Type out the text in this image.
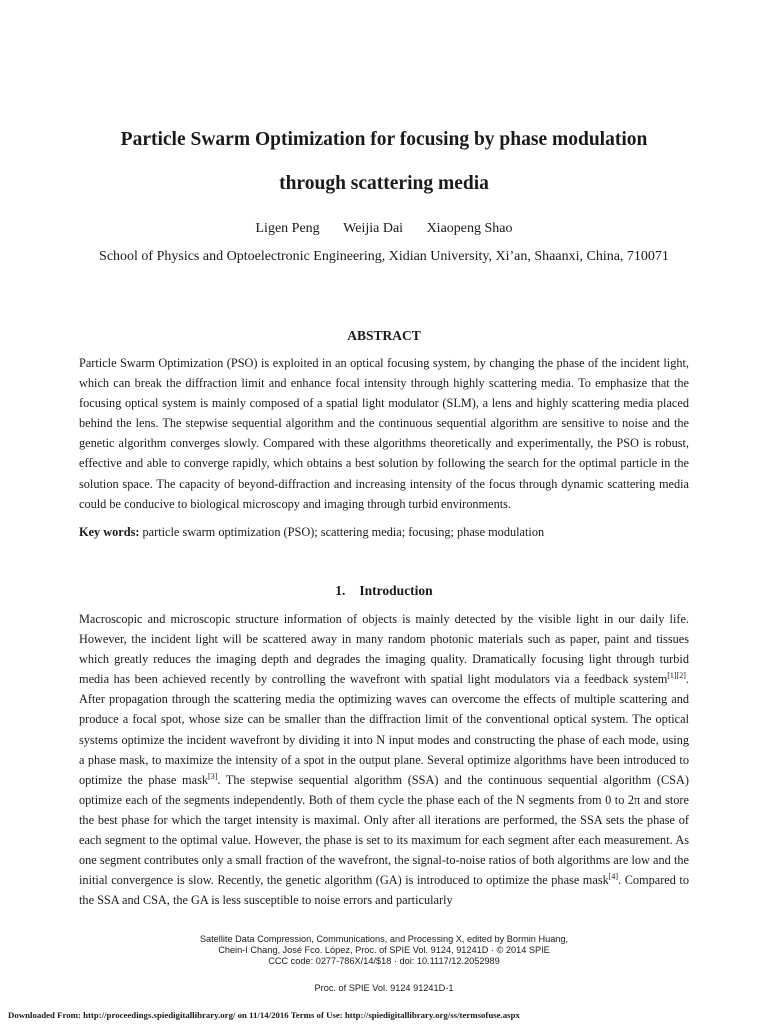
Particle Swarm Optimization for focusing by phase modulation
through scattering media
Ligen Peng Weijia Dai Xiaopeng Shao
School of Physics and Optoelectronic Engineering, Xidian University, Xi’an, Shaanxi, China, 710071
ABSTRACT
Particle Swarm Optimization (PSO) is exploited in an optical focusing system, by changing the phase of the incident light, which can break the diffraction limit and enhance focal intensity through highly scattering media. To emphasize that the focusing optical system is mainly composed of a spatial light modulator (SLM), a lens and highly scattering media placed behind the lens. The stepwise sequential algorithm and the continuous sequential algorithm are sensitive to noise and the genetic algorithm converges slowly. Compared with these algorithms theoretically and experimentally, the PSO is robust, effective and able to converge rapidly, which obtains a best solution by following the search for the optimal particle in the solution space. The capacity of beyond-diffraction and increasing intensity of the focus through dynamic scattering media could be conducive to biological microscopy and imaging through turbid environments.
Key words: particle swarm optimization (PSO); scattering media; focusing; phase modulation
1. Introduction
Macroscopic and microscopic structure information of objects is mainly detected by the visible light in our daily life. However, the incident light will be scattered away in many random photonic materials such as paper, paint and tissues which greatly reduces the imaging depth and degrades the imaging quality. Dramatically focusing light through turbid media has been achieved recently by controlling the wavefront with spatial light modulators via a feedback system[1][2]. After propagation through the scattering media the optimizing waves can overcome the effects of multiple scattering and produce a focal spot, whose size can be smaller than the diffraction limit of the conventional optical system. The optical systems optimize the incident wavefront by dividing it into N input modes and constructing the phase of each mode, using a phase mask, to maximize the intensity of a spot in the output plane. Several optimize algorithms have been introduced to optimize the phase mask[3]. The stepwise sequential algorithm (SSA) and the continuous sequential algorithm (CSA) optimize each of the segments independently. Both of them cycle the phase each of the N segments from 0 to 2π and store the best phase for which the target intensity is maximal. Only after all iterations are performed, the SSA sets the phase of each segment to the optimal value. However, the phase is set to its maximum for each segment after each measurement. As one segment contributes only a small fraction of the wavefront, the signal-to-noise ratios of both algorithms are low and the initial convergence is slow. Recently, the genetic algorithm (GA) is introduced to optimize the phase mask[4]. Compared to the SSA and CSA, the GA is less susceptible to noise errors and particularly
Satellite Data Compression, Communications, and Processing X, edited by Bormin Huang,
Chein-I Chang, José Fco. López, Proc. of SPIE Vol. 9124, 91241D · © 2014 SPIE
CCC code: 0277-786X/14/$18 · doi: 10.1117/12.2052989
Proc. of SPIE Vol. 9124 91241D-1
Downloaded From: http://proceedings.spiedigitallibrary.org/ on 11/14/2016 Terms of Use: http://spiedigitallibrary.org/ss/termsofuse.aspx
